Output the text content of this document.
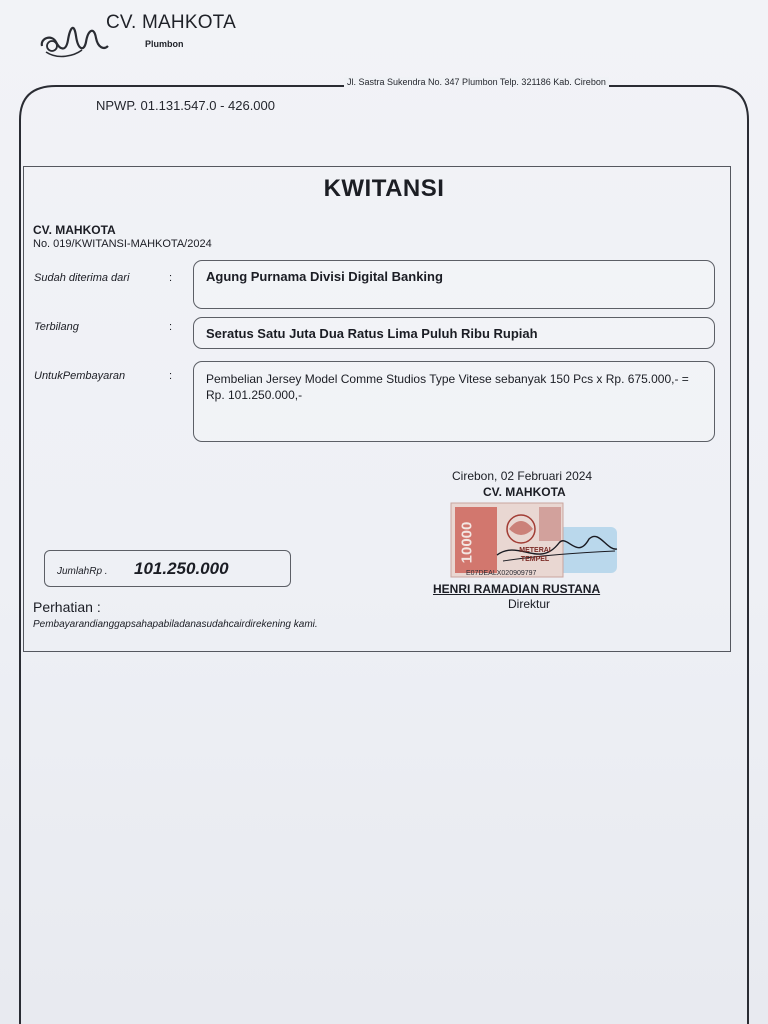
CV. MAHKOTA
Plumbon
Jl. Sastra Sukendra No. 347 Plumbon Telp. 321186 Kab. Cirebon
NPWP. 01.131.547.0 - 426.000
KWITANSI
CV. MAHKOTA
No. 019/KWITANSI-MAHKOTA/2024
Sudah diterima dari	:	Agung Purnama Divisi Digital Banking
Terbilang	:	Seratus Satu Juta Dua Ratus Lima Puluh Ribu Rupiah
UntukPembayaran	:	Pembelian Jersey Model Comme Studios Type Vitese sebanyak 150 Pcs x Rp. 675.000,- = Rp. 101.250.000,-
Cirebon, 02 Februari 2024
CV. MAHKOTA
10000	METERAI TEMPEL
E07DEALX020909797
HENRI RAMADIAN RUSTANA
Direktur
JumlahRp . 101.250.000
Perhatian :
Pembayarandianggapsahapabiladanasudahcairdirekening kami.
